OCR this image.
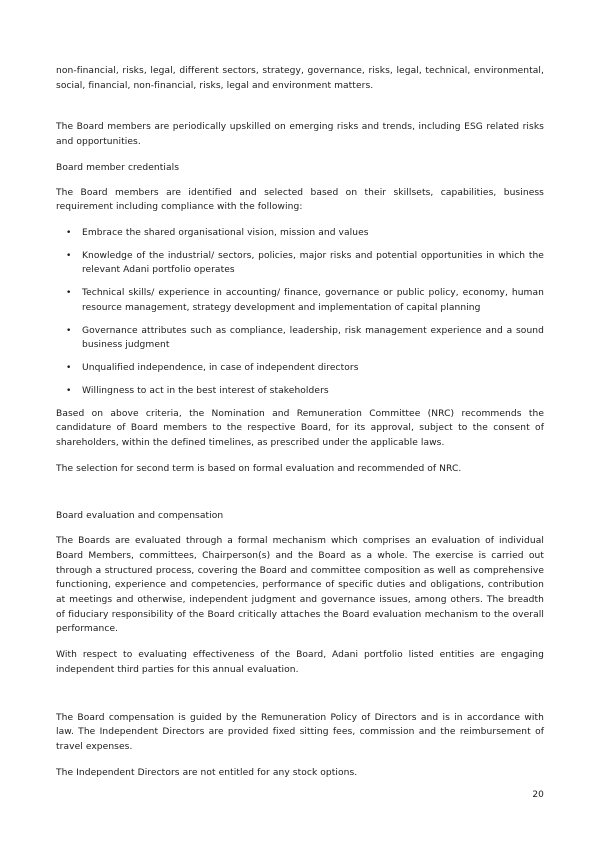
non-financial, risks, legal, different sectors, strategy, governance, risks, legal, technical, environmental, social, financial, non-financial, risks, legal and environment matters.

The Board members are periodically upskilled on emerging risks and trends, including ESG related risks and opportunities.

Board member credentials

The Board members are identified and selected based on their skillsets, capabilities, business requirement including compliance with the following:

• Embrace the shared organisational vision, mission and values
• Knowledge of the industrial/ sectors, policies, major risks and potential opportunities in which the relevant Adani portfolio operates
• Technical skills/ experience in accounting/ finance, governance or public policy, economy, human resource management, strategy development and implementation of capital planning
• Governance attributes such as compliance, leadership, risk management experience and a sound business judgment
• Unqualified independence, in case of independent directors
• Willingness to act in the best interest of stakeholders

Based on above criteria, the Nomination and Remuneration Committee (NRC) recommends the candidature of Board members to the respective Board, for its approval, subject to the consent of shareholders, within the defined timelines, as prescribed under the applicable laws.

The selection for second term is based on formal evaluation and recommended of NRC.

Board evaluation and compensation

The Boards are evaluated through a formal mechanism which comprises an evaluation of individual Board Members, committees, Chairperson(s) and the Board as a whole. The exercise is carried out through a structured process, covering the Board and committee composition as well as comprehensive functioning, experience and competencies, performance of specific duties and obligations, contribution at meetings and otherwise, independent judgment and governance issues, among others. The breadth of fiduciary responsibility of the Board critically attaches the Board evaluation mechanism to the overall performance.

With respect to evaluating effectiveness of the Board, Adani portfolio listed entities are engaging independent third parties for this annual evaluation.

The Board compensation is guided by the Remuneration Policy of Directors and is in accordance with law. The Independent Directors are provided fixed sitting fees, commission and the reimbursement of travel expenses.

The Independent Directors are not entitled for any stock options.

20
